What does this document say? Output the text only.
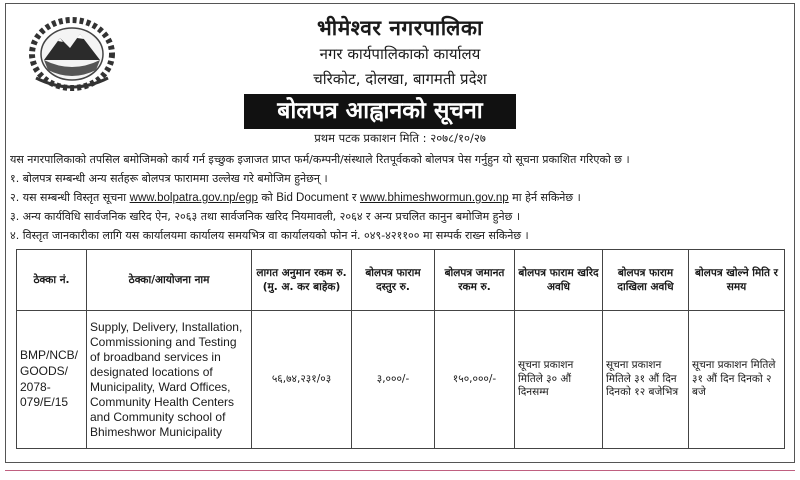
भीमेश्वर नगरपालिका
नगर कार्यपालिकाको कार्यालय
चरिकोट, दोलखा, बागमती प्रदेश
बोलपत्र आह्वानको सूचना
प्रथम पटक प्रकाशन मिति : २०७८/१०/२७
यस नगरपालिकाको तपसिल बमोजिमको कार्य गर्न इच्छुक इजाजत प्राप्त फर्म/कम्पनी/संस्थाले रितपूर्वकको बोलपत्र पेस गर्नुहुन यो सूचना प्रकाशित गरिएको छ ।
१. बोलपत्र सम्बन्धी अन्य सर्तहरू बोलपत्र फाराममा उल्लेख गरे बमोजिम हुनेछन् ।
२. यस सम्बन्धी विस्तृत सूचना www.bolpatra.gov.np/egp को Bid Document र www.bhimeshwormun.gov.np मा हेर्न सकिनेछ ।
३. अन्य कार्यविधि सार्वजनिक खरिद ऐन, २०६३ तथा सार्वजनिक खरिद नियमावली, २०६४ र अन्य प्रचलित कानुन बमोजिम हुनेछ ।
४. विस्तृत जानकारीका लागि यस कार्यालयमा कार्यालय समयभित्र वा कार्यालयको फोन नं. ०४९-४२११०० मा सम्पर्क राख्न सकिनेछ ।
ठेक्का नं.	ठेक्का/आयोजना नाम	लागत अनुमान रकम रु. (मु. अ. कर बाहेक)	बोलपत्र फाराम दस्तुर रु.	बोलपत्र जमानत रकम रु.	बोलपत्र फाराम खरिद अवधि	बोलपत्र फाराम दाखिला अवधि	बोलपत्र खोल्ने मिति र समय
BMP/NCB/ GOODS/ 2078-079/E/15	Supply, Delivery, Installation, Commissioning and Testing of broadband services in designated locations of Municipality, Ward Offices, Community Health Centers and Community school of Bhimeshwor Municipality	५६,७४,२३१/०३	३,०००/-	१५०,०००/-	सूचना प्रकाशन मितिले ३० औं दिनसम्म	सूचना प्रकाशन मितिले ३१ औं दिन दिनको १२ बजेभित्र	सूचना प्रकाशन मितिले ३१ औं दिन दिनको २ बजे
